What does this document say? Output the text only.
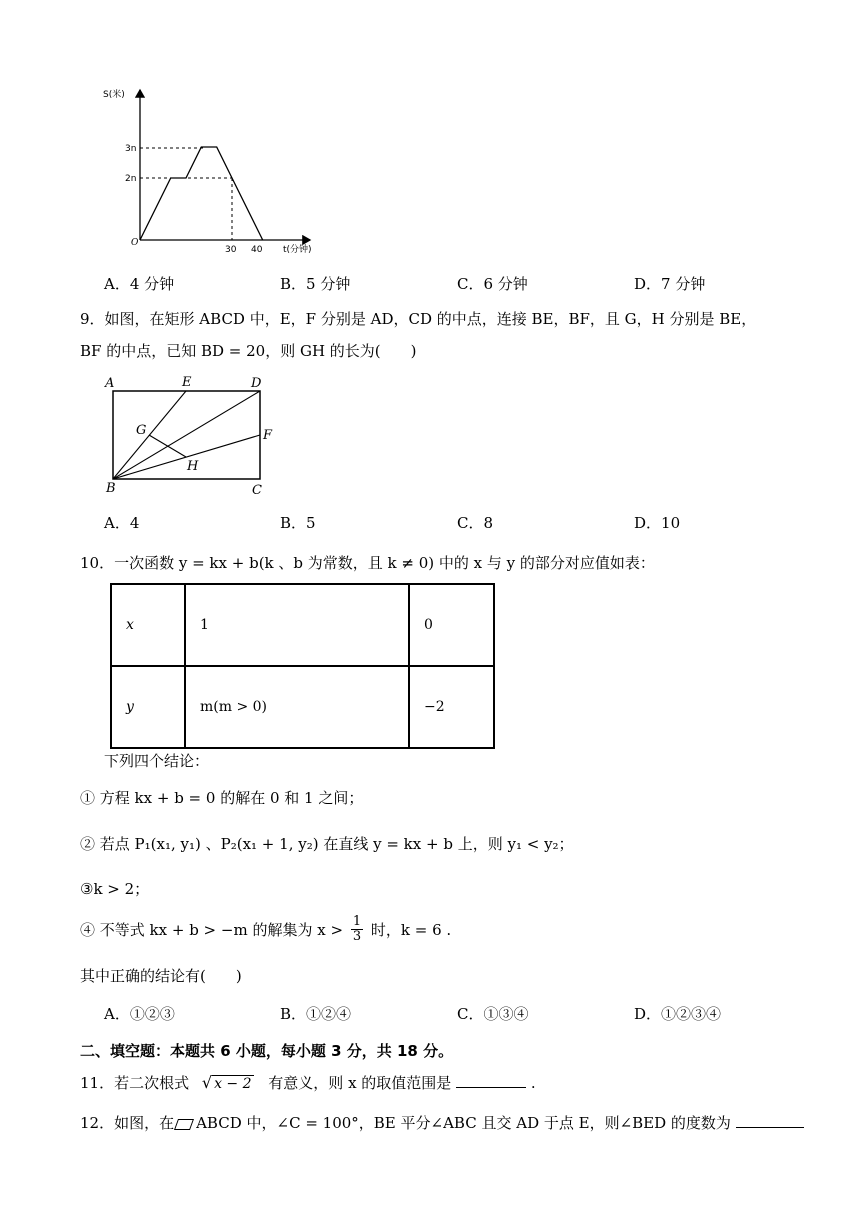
S(米)
3n
2n
O
30 40 t(分钟)
A．4 分钟	B．5 分钟	C．6 分钟	D．7 分钟
9．如图，在矩形 ABCD 中，E，F 分别是 AD，CD 的中点，连接 BE，BF，且 G，H 分别是 BE，
BF 的中点，已知 BD = 20，则 GH 的长为(　　)
A	E	D
G	F
H
B	C
A．4	B．5	C．8	D．10
10．一次函数 y = kx + b(k 、b 为常数，且 k ≠ 0) 中的 x 与 y 的部分对应值如表：
x	1	0
y	m(m > 0)	−2
下列四个结论：
① 方程 kx + b = 0 的解在 0 和 1 之间；
② 若点 P₁(x₁, y₁) 、P₂(x₁ + 1, y₂) 在直线 y = kx + b 上，则 y₁ < y₂；
③k > 2；
④ 不等式 kx + b > −m 的解集为 $x > \frac{1}{3}$ 时，k = 6 .
其中正确的结论有(　　)
A．①②③	B．①②④	C．①③④	D．①②③④
二、填空题：本题共 6 小题，每小题 3 分，共 18 分。
11．若二次根式 √ x − 2 有意义，则 x 的取值范围是	.
12．如图，在 ABCD 中，∠C = 100°，BE 平分∠ABC 且交 AD 于点 E，则∠BED 的度数为
